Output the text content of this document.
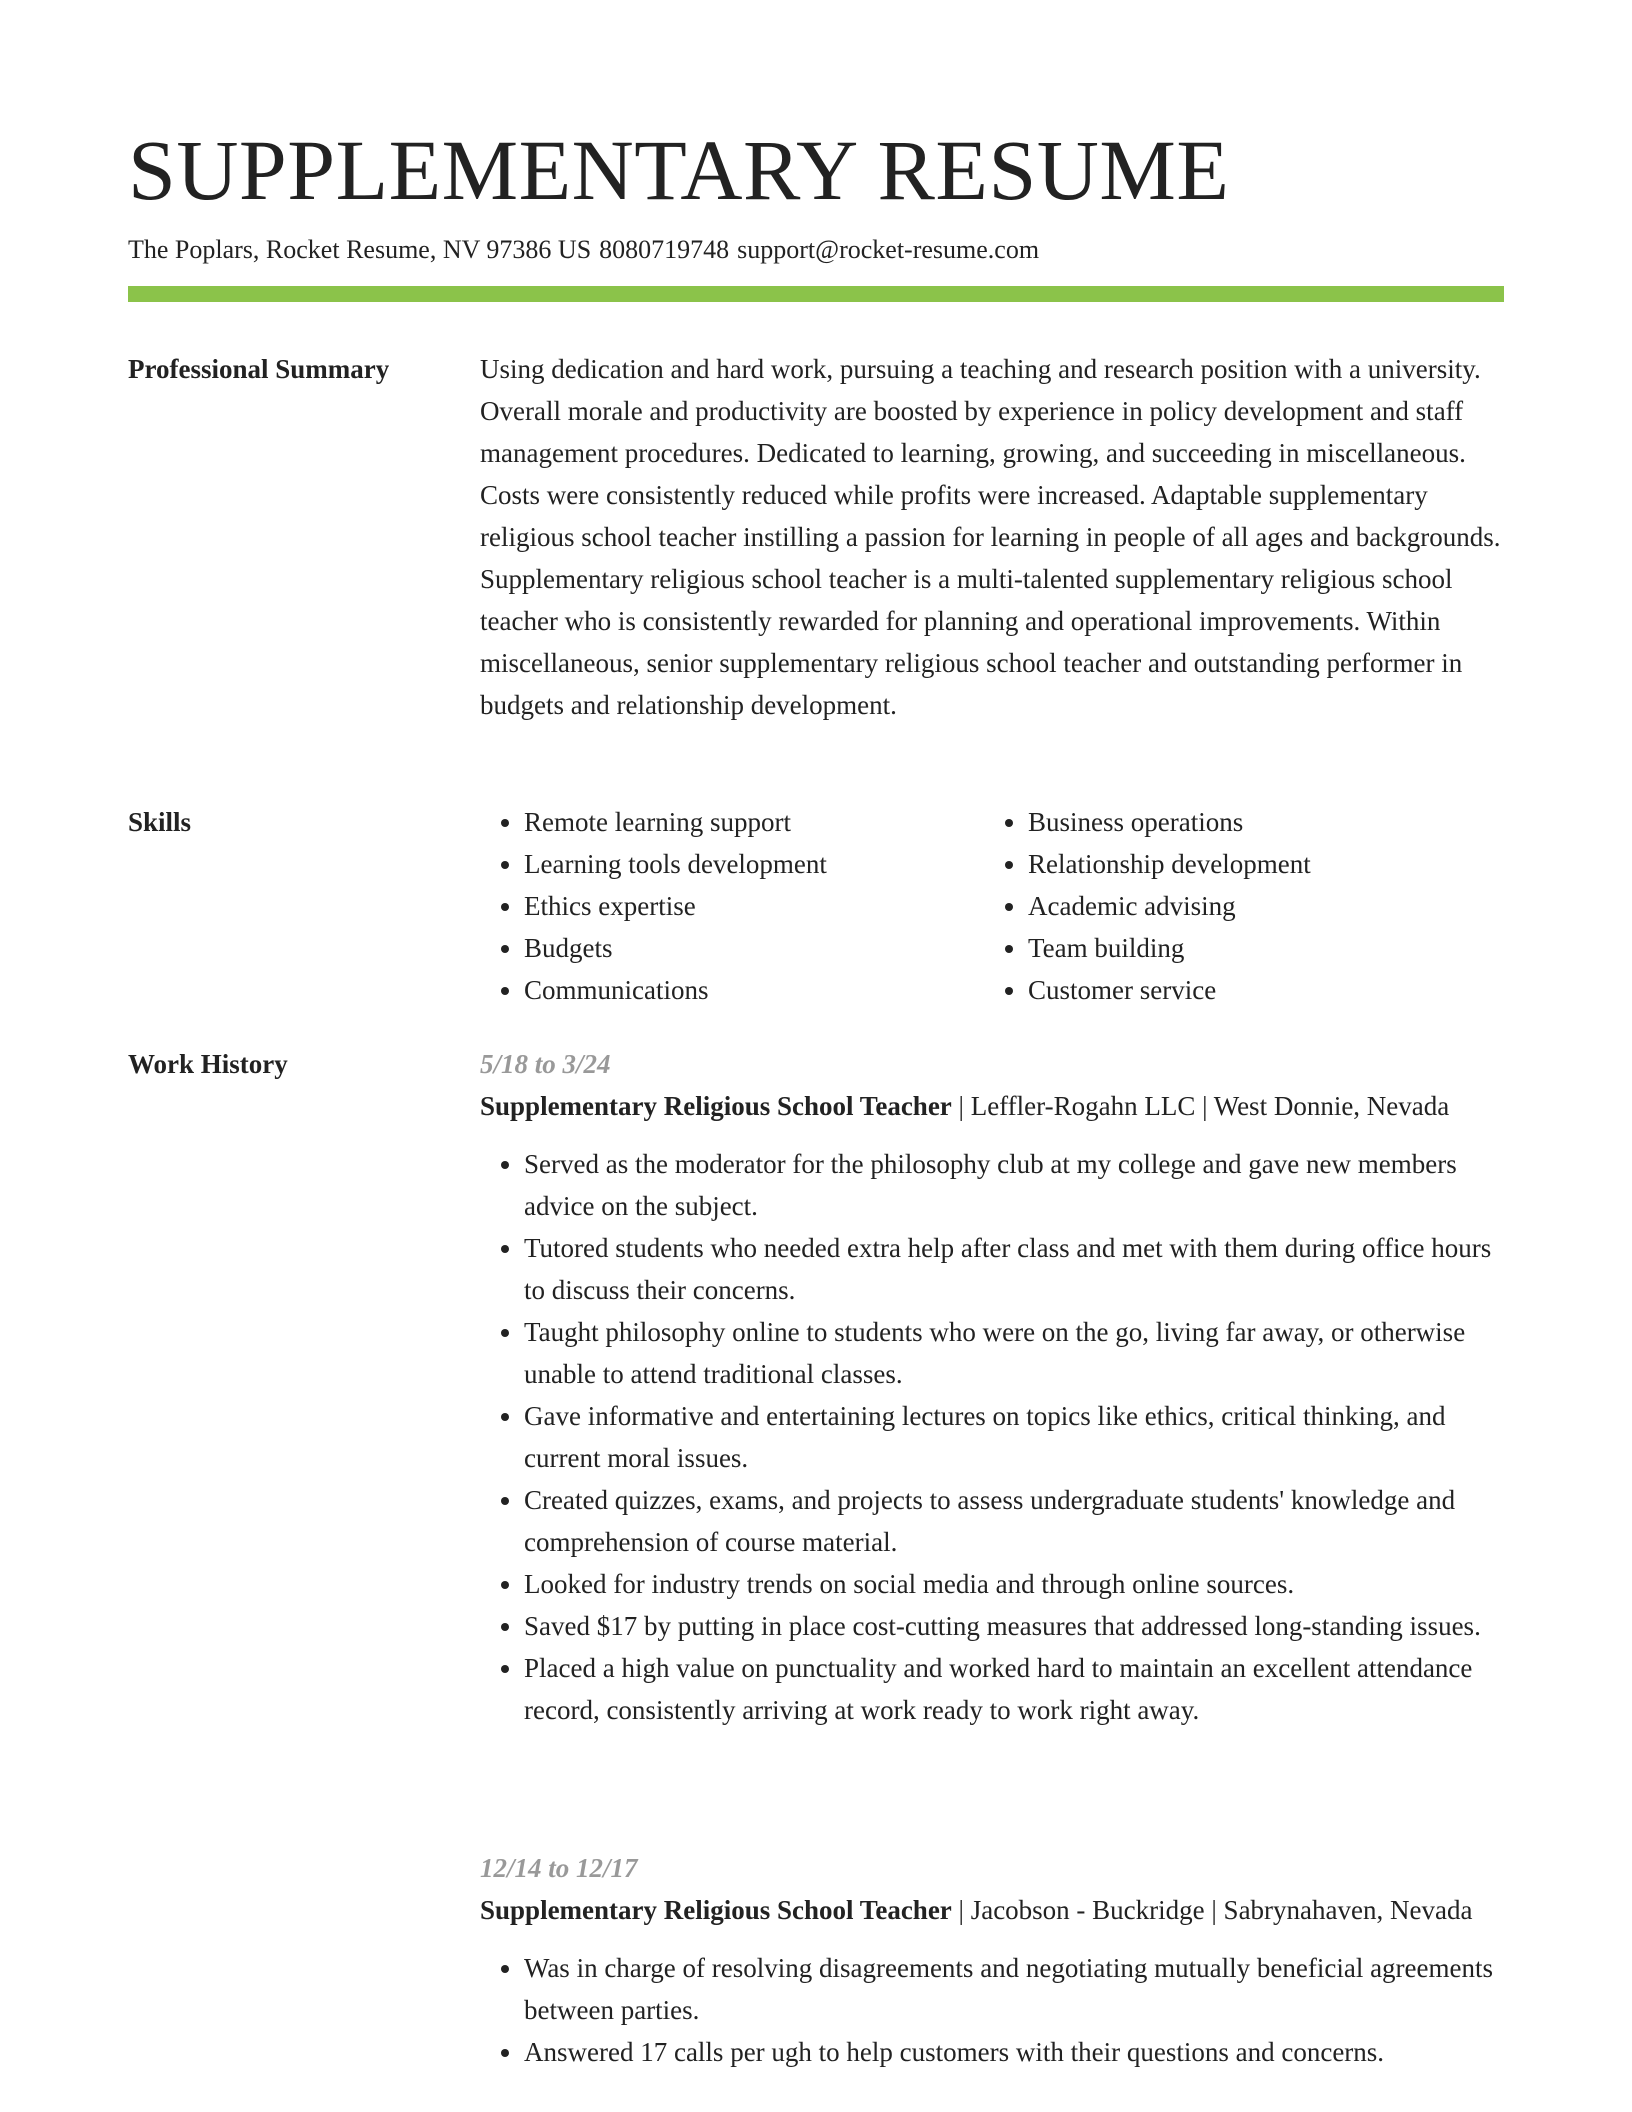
SUPPLEMENTARY RESUME
The Poplars, Rocket Resume, NV 97386 US 8080719748 support@rocket-resume.com
Professional Summary	Using dedication and hard work, pursuing a teaching and research position with a university. Overall morale and productivity are boosted by experience in policy development and staff management procedures. Dedicated to learning, growing, and succeeding in miscellaneous. Costs were consistently reduced while profits were increased. Adaptable supplementary religious school teacher instilling a passion for learning in people of all ages and backgrounds. Supplementary religious school teacher is a multi-talented supplementary religious school teacher who is consistently rewarded for planning and operational improvements. Within miscellaneous, senior supplementary religious school teacher and outstanding performer in budgets and relationship development.

Skills
•	Remote learning support
• Learning tools development
• Ethics expertise
• Budgets
• Communications
• Business operations
• Relationship development
• Academic advising
• Team building
• Customer service
Work History	5/18 to 3/24
Supplementary Religious School Teacher | Leffler-Rogahn LLC | West Donnie, Nevada
• Served as the moderator for the philosophy club at my college and gave new members advice on the subject.
• Tutored students who needed extra help after class and met with them during office hours to discuss their concerns.
• Taught philosophy online to students who were on the go, living far away, or otherwise unable to attend traditional classes.
• Gave informative and entertaining lectures on topics like ethics, critical thinking, and current moral issues.
• Created quizzes, exams, and projects to assess undergraduate students' knowledge and comprehension of course material.
• Looked for industry trends on social media and through online sources.
• Saved $17 by putting in place cost-cutting measures that addressed long-standing issues.
• Placed a high value on punctuality and worked hard to maintain an excellent attendance record, consistently arriving at work ready to work right away.
12/14 to 12/17
Supplementary Religious School Teacher | Jacobson - Buckridge | Sabrynahaven, Nevada
• Was in charge of resolving disagreements and negotiating mutually beneficial agreements between parties.
• Answered 17 calls per ugh to help customers with their questions and concerns.
